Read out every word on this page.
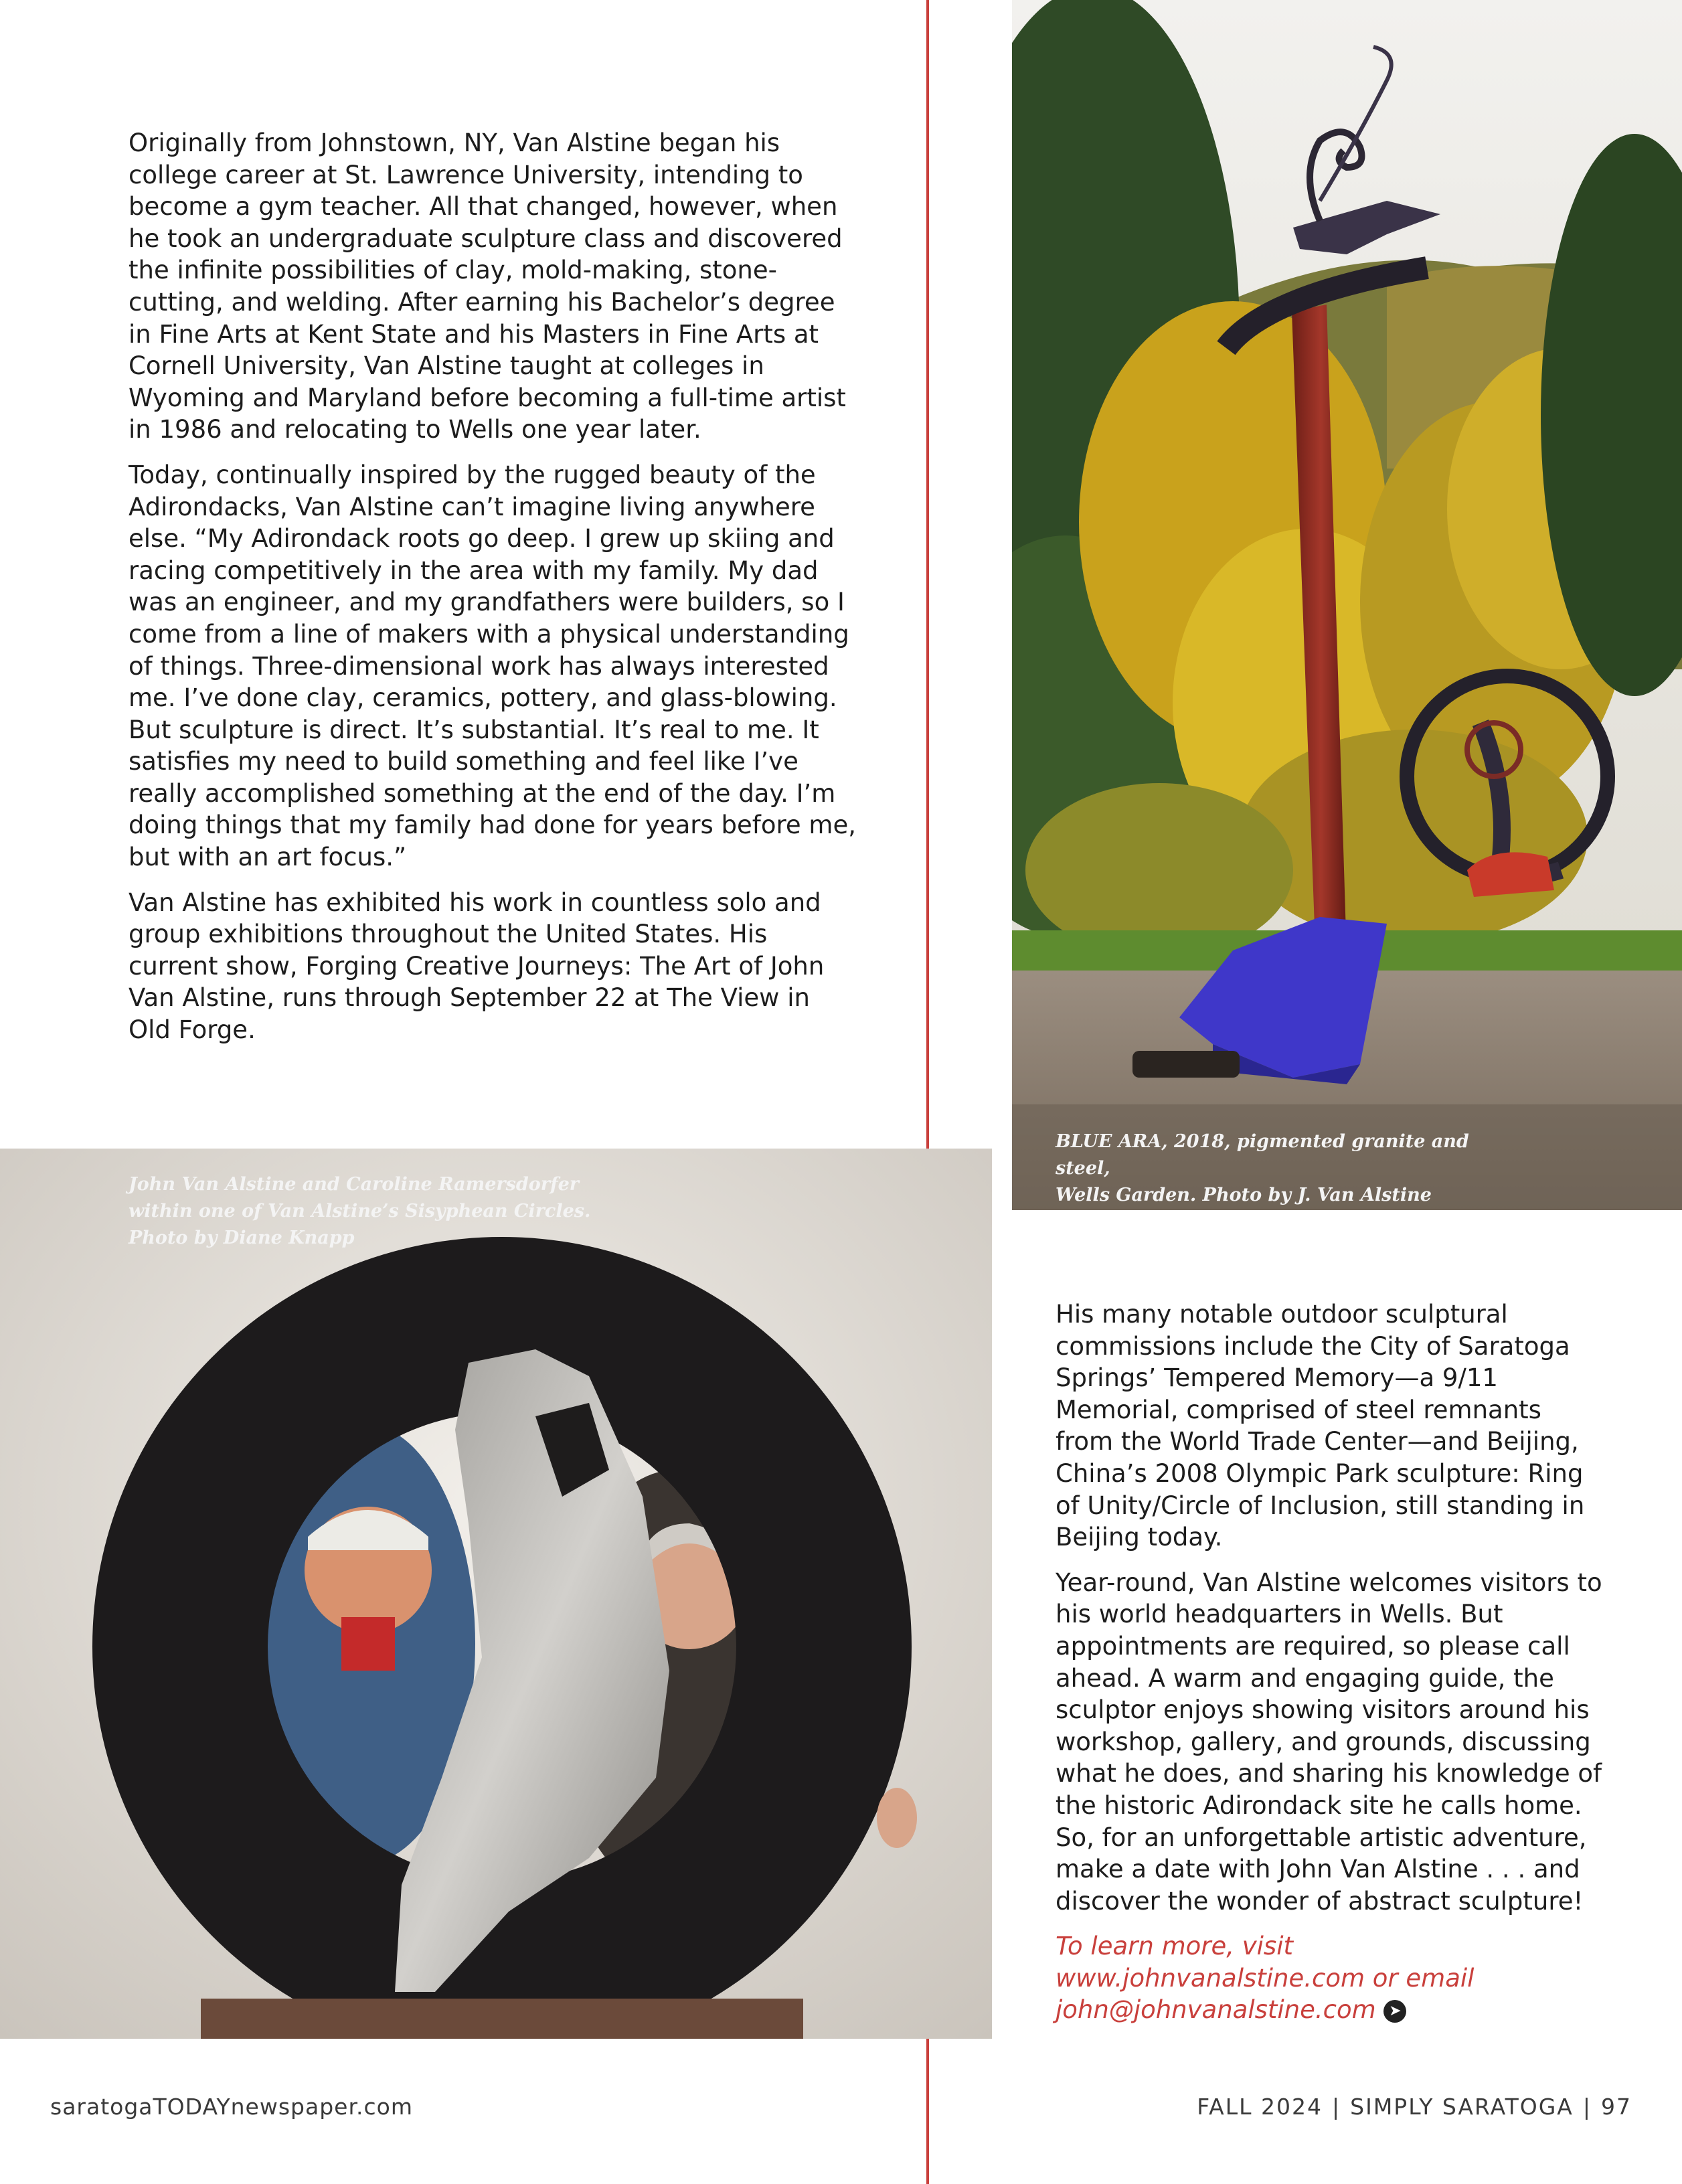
Originally from Johnstown, NY, Van Alstine began his college career at St. Lawrence University, intending to become a gym teacher. All that changed, however, when he took an undergraduate sculpture class and discovered the infinite possibilities of clay, mold-making, stone-cutting, and welding. After earning his Bachelor’s degree in Fine Arts at Kent State and his Masters in Fine Arts at Cornell University, Van Alstine taught at colleges in Wyoming and Maryland before becoming a full-time artist in 1986 and relocating to Wells one year later.

Today, continually inspired by the rugged beauty of the Adirondacks, Van Alstine can’t imagine living anywhere else. “My Adirondack roots go deep. I grew up skiing and racing competitively in the area with my family. My dad was an engineer, and my grandfathers were builders, so I come from a line of makers with a physical understanding of things. Three-dimensional work has always interested me. I’ve done clay, ceramics, pottery, and glass-blowing. But sculpture is direct. It’s substantial. It’s real to me. It satisfies my need to build something and feel like I’ve really accomplished something at the end of the day. I’m doing things that my family had done for years before me, but with an art focus.”

Van Alstine has exhibited his work in countless solo and group exhibitions throughout the United States. His current show, Forging Creative Journeys: The Art of John Van Alstine, runs through September 22 at The View in Old Forge.

BLUE ARA, 2018, pigmented granite and steel,
Wells Garden. Photo by J. Van Alstine
John Van Alstine and Caroline Ramersdorfer
within one of Van Alstine’s Sisyphean Circles.
Photo by Diane Knapp

His many notable outdoor sculptural commissions include the City of Saratoga Springs’ Tempered Memory—a 9/11 Memorial, comprised of steel remnants from the World Trade Center—and Beijing, China’s 2008 Olympic Park sculpture: Ring of Unity/Circle of Inclusion, still standing in Beijing today.

Year-round, Van Alstine welcomes visitors to his world headquarters in Wells. But appointments are required, so please call ahead. A warm and engaging guide, the sculptor enjoys showing visitors around his workshop, gallery, and grounds, discussing what he does, and sharing his knowledge of the historic Adirondack site he calls home. So, for an unforgettable artistic adventure, make a date with John Van Alstine . . . and discover the wonder of abstract sculpture!

To learn more, visit www.johnvanalstine.com or email john@johnvanalstine.com ➤

saratogaTODAYnewspaper.com	FALL 2024 | SIMPLY SARATOGA | 97
